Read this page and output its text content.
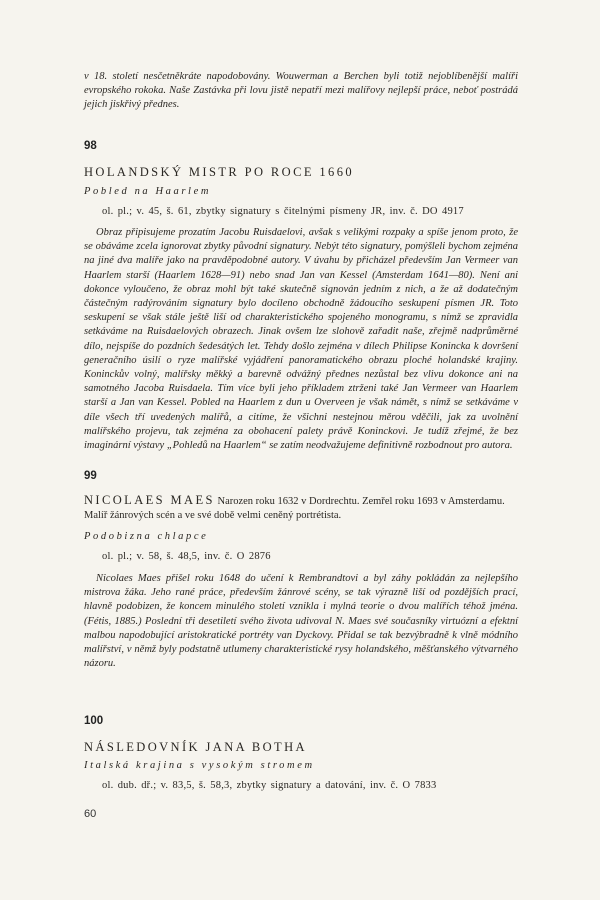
v 18. století nesčetněkráte napodobovány. Wouwerman a Berchen byli totiž nejoblíbenější malíři evropského rokoka. Naše Zastávka při lovu jistě nepatří mezi malířovy nejlepší práce, neboť postrádá jejich jiskřivý přednes.

98
HOLANDSKÝ MISTR PO ROCE 1660
Pobled na Haarlem
ol. pl.; v. 45, š. 61, zbytky signatury s čitelnými písmeny JR, inv. č. DO 4917

Obraz připisujeme prozatím Jacobu Ruisdaelovi, avšak s velikými rozpaky a spíše jenom proto, že se obáváme zcela ignorovat zbytky původní signatury. Nebýt této signatury, pomýšleli bychom zejména na jiné dva malíře jako na pravděpodobné autory. V úvahu by přicházel především Jan Vermeer van Haarlem starší (Haarlem 1628—91) nebo snad Jan van Kessel (Amsterdam 1641—80). Není ani dokonce vyloučeno, že obraz mohl být také skutečně signován jedním z nich, a že až dodatečným částečným radýrováním signatury bylo docíleno obchodně žádoucího seskupení písmen JR. Toto seskupení se však stále ještě liší od charakteristického spojeného monogramu, s nímž se zpravidla setkáváme na Ruisdaelových obrazech. Jinak ovšem lze slohově zařadit naše, zřejmě nadprůměrné dílo, nejspíše do pozdních šedesátých let. Tehdy došlo zejména v dílech Philipse Koninckа k dovršení generačního úsilí o ryze malířské vyjádření panoramatického obrazu ploché holandské krajiny. Koninckův volný, malířsky měkký a barevně odvážný přednes nezůstal bez vlivu dokonce ani na samotného Jacoba Ruisdaela. Tím více byli jeho příkladem ztrženi také Jan Vermeer van Haarlem starší a Jan van Kessel. Pobled na Haarlem z dun u Overveen je však námět, s nímž se setkáváme v díle všech tří uvedených malířů, a citíme, že všichni nestejnou měrou vděčili, jak za uvolnění malířského projevu, tak zejména za obohacení palety právě Koninckovi. Je tudíž zřejmé, že bez imaginární výstavy „Pohledů na Haarlem“ se zatím neodvažujeme definitivně rozbodnout pro autora.

99
NICOLAES MAES Narozen roku 1632 v Dordrechtu. Zemřel roku 1693 v Amsterdamu. Malíř žánrových scén a ve své době velmi ceněný portrétista.
Podobizna chlapce
ol. pl.; v. 58, š. 48,5, inv. č. O 2876

Nicolaes Maes přišel roku 1648 do učení k Rembrandtovi a byl záhy pokládán za nejlepšího mistrova žáka. Jeho rané práce, především žánrové scény, se tak výrazně liší od pozdějších prací, hlavně podobizen, že koncem minulého století vznikla i mylná teorie o dvou malířích téhož jména. (Fétis, 1885.) Poslední tři desetiletí svého života udivoval N. Maes své současníky virtuózní a efektní malbou napodobující aristokratické portréty van Dyckovy. Přidal se tak bezvýbradně k vlně módního malířství, v němž byly podstatně utlumeny charakteristické rysy holandského, měšťanského výtvarného názoru.

100
NÁSLEDOVNÍK JANA BOTHA
Italská krajina s vysokým stromem
ol. dub. dř.; v. 83,5, š. 58,3, zbytky signatury a datování, inv. č. O 7833
60
